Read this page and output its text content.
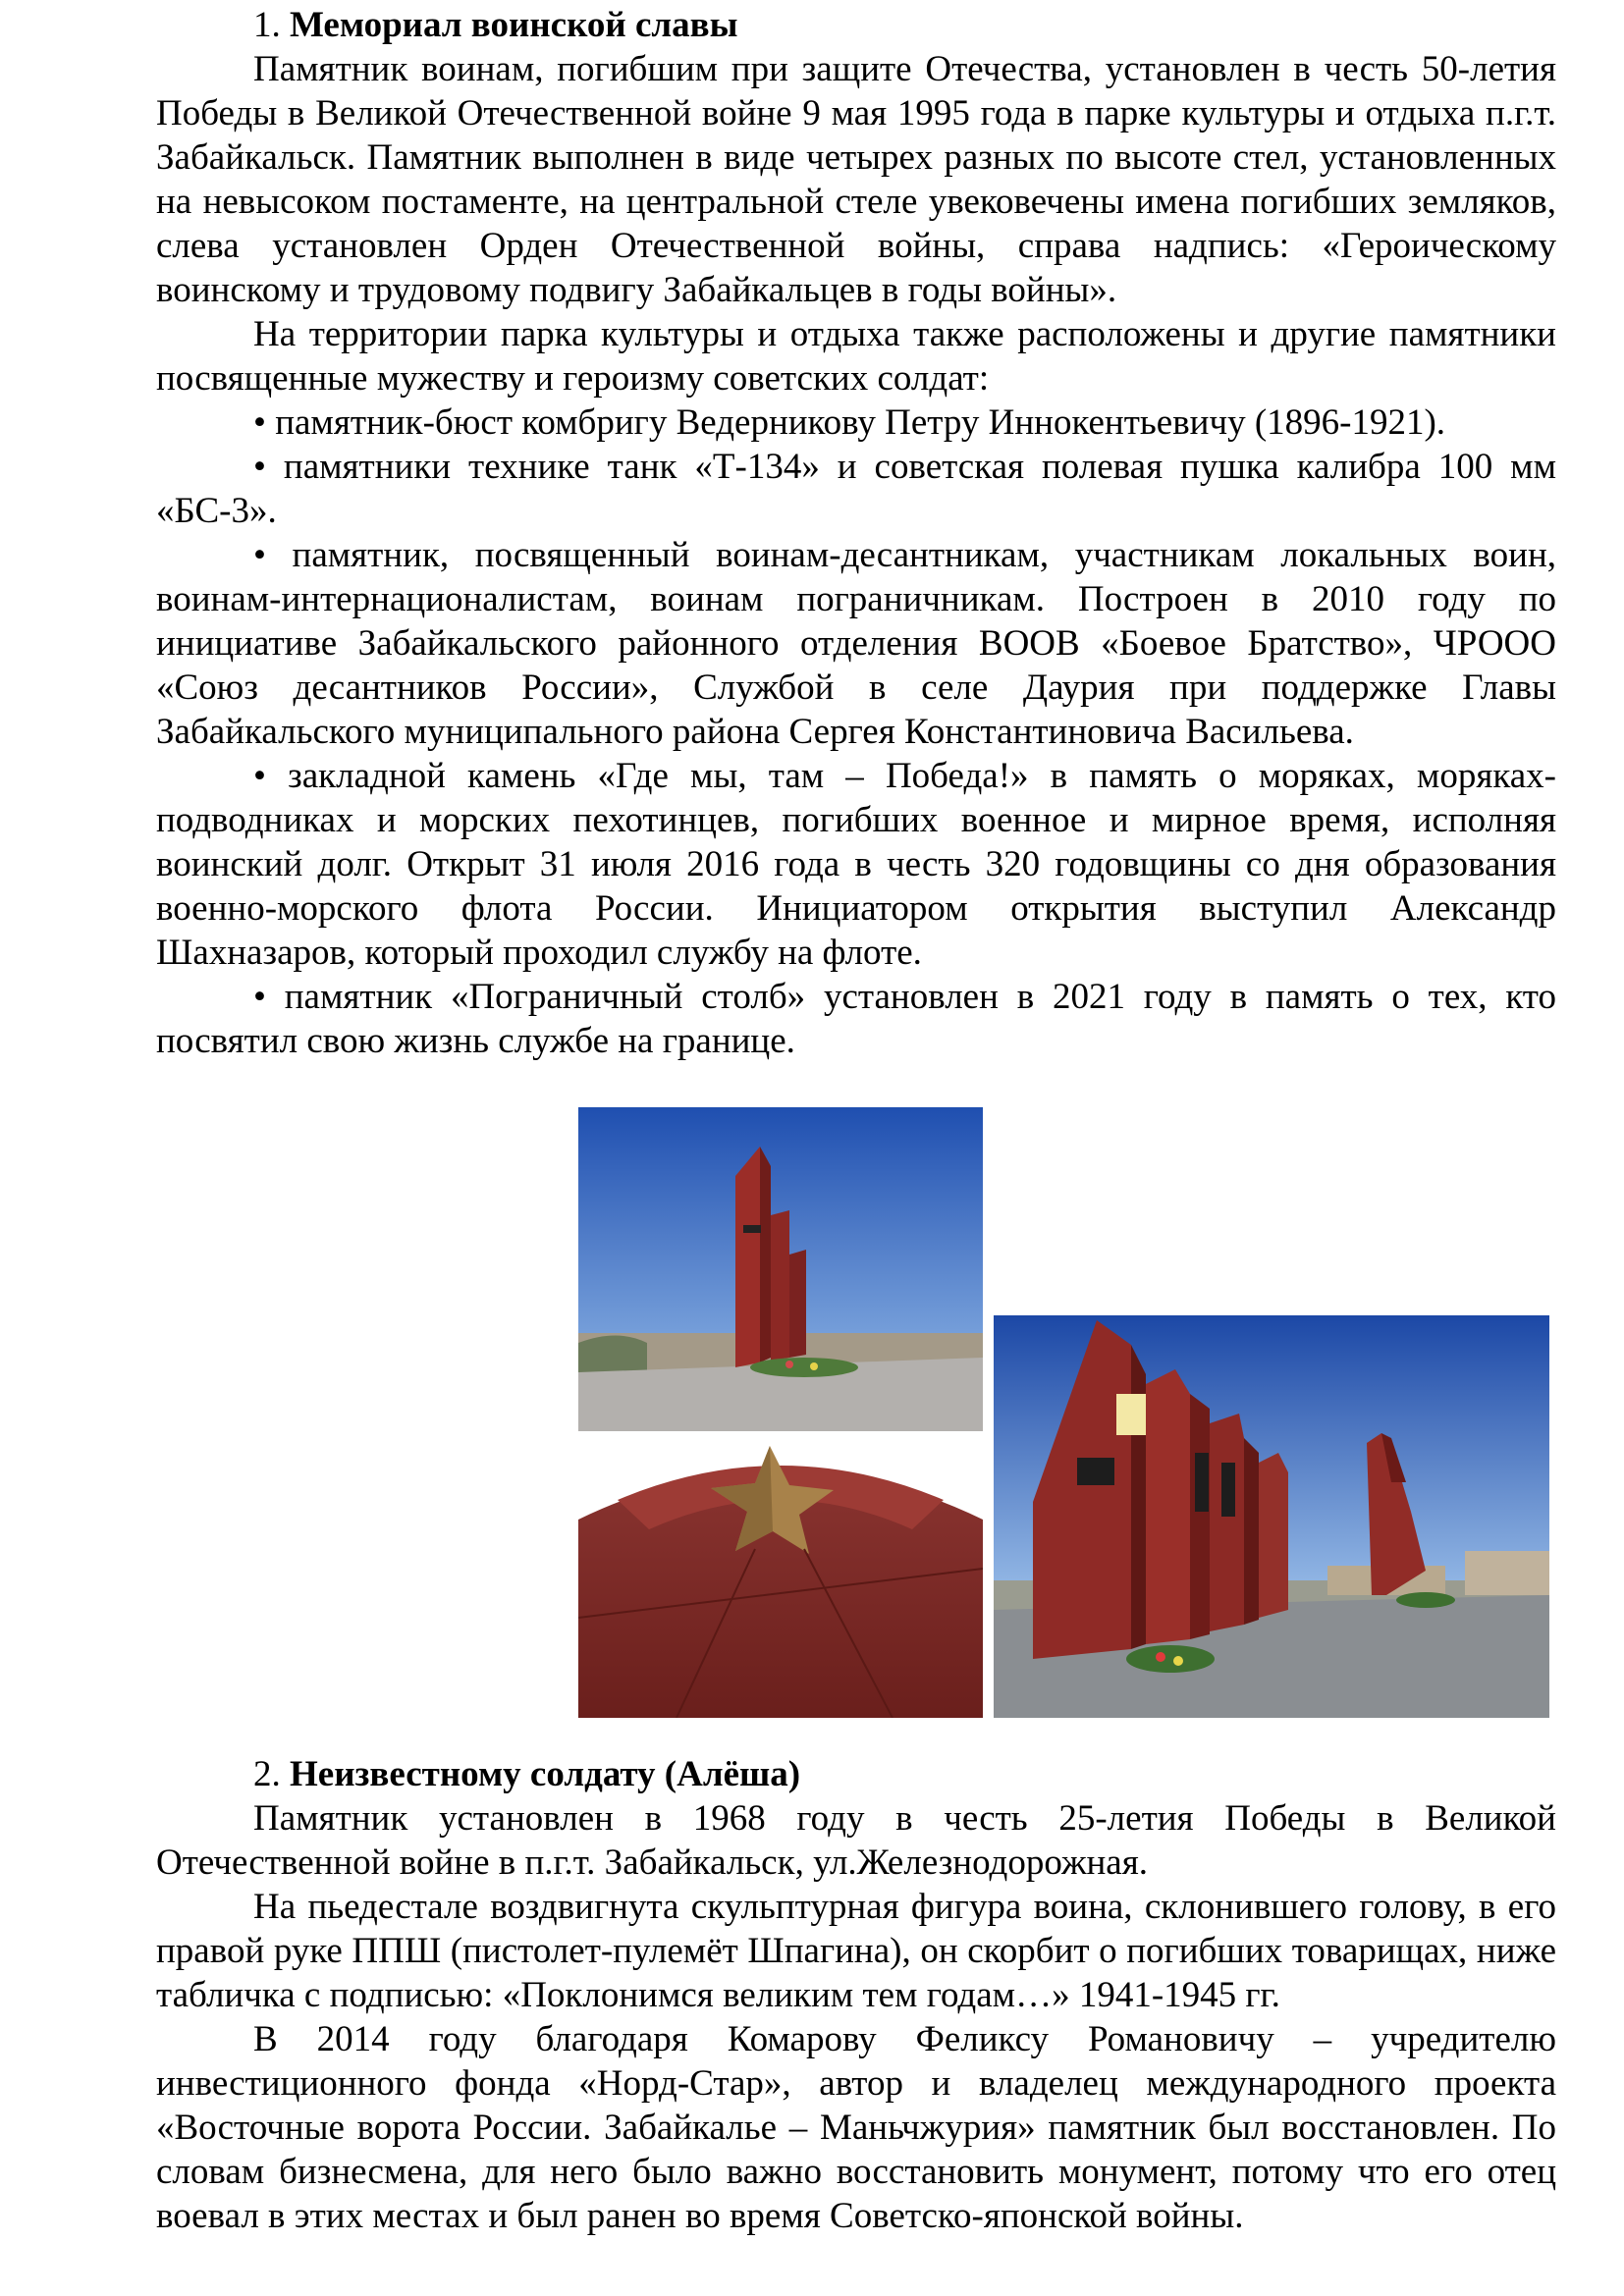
1. Мемориал воинской славы

Памятник воинам, погибшим при защите Отечества, установлен в честь 50-летия Победы в Великой Отечественной войне 9 мая 1995 года в парке культуры и отдыха п.г.т. Забайкальск. Памятник выполнен в виде четырех разных по высоте стел, установленных на невысоком постаменте, на центральной стеле увековечены имена погибших земляков, слева установлен Орден Отечественной войны, справа надпись: «Героическому воинскому и трудовому подвигу Забайкальцев в годы войны».

На территории парка культуры и отдыха также расположены и другие памятники посвященные мужеству и героизму советских солдат:

• памятник-бюст комбригу Ведерникову Петру Иннокентьевичу (1896-1921).

• памятники технике танк «Т-134» и советская полевая пушка калибра 100 мм «БС-3».

• памятник, посвященный воинам-десантникам, участникам локальных воин, воинам-интернационалистам, воинам пограничникам. Построен в 2010 году по инициативе Забайкальского районного отделения ВООВ «Боевое Братство», ЧРООО «Союз десантников России», Службой в селе Даурия при поддержке Главы Забайкальского муниципального района Сергея Константиновича Васильева.

• закладной камень «Где мы, там – Победа!» в память о моряках, моряках-подводниках и морских пехотинцев, погибших военное и мирное время, исполняя воинский долг. Открыт 31 июля 2016 года в честь 320 годовщины со дня образования военно-морского флота России. Инициатором открытия выступил Александр Шахназаров, который проходил службу на флоте.

• памятник «Пограничный столб» установлен в 2021 году в память о тех, кто посвятил свою жизнь службе на границе.

2. Неизвестному солдату (Алёша)

Памятник установлен в 1968 году в честь 25-летия Победы в Великой Отечественной войне в п.г.т. Забайкальск, ул.Железнодорожная.

На пьедестале воздвигнута скульптурная фигура воина, склонившего голову, в его правой руке ППШ (пистолет-пулемёт Шпагина), он скорбит о погибших товарищах, ниже табличка с подписью: «Поклонимся великим тем годам…» 1941-1945 гг.

В 2014 году благодаря Комарову Феликсу Романовичу – учредителю инвестиционного фонда «Норд-Стар», автор и владелец международного проекта «Восточные ворота России. Забайкалье – Маньчжурия» памятник был восстановлен. По словам бизнесмена, для него было важно восстановить монумент, потому что его отец воевал в этих местах и был ранен во время Советско-японской войны.
